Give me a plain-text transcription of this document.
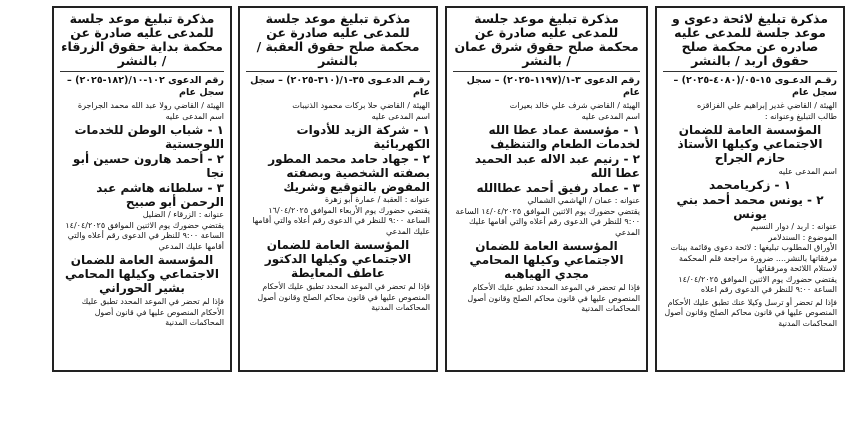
مذكرة تبليغ لائحة دعوى و موعد جلسة للمدعى عليه صادره عن محكمة صلح حقوق اربد / بالنشر

رقـم الدعـوى ١٥-٠٥/(٤٠٨٠-٢٠٢٥) – سجل عام

الهيئة / القاضي غدير إبراهيم علي الفزاقزه

طالب التبليغ وعنوانه :

المؤسسة العامة للضمان الاجتماعي وكيلها الأستاذ حازم الجراح

اسم المدعى عليه

١ - زكريامحمد

٢ - يونس محمد أحمد بني يونس

عنوانه : اربد / دوار النسيم

الموضوع : السندلامر

الأوراق المطلوب تبليغها : لائحة دعوى وقائمة بينات مرفقاتها بالنشر.... ضرورة مراجعة قلم المحكمة لاستلام اللائحة ومرفقاتها

يقتضي حضورك يوم الاثنين الموافق ١٤/٠٤/٢٠٢٥ الساعة ٩:٠٠ للنظر في الدعوى رقم اعلاه

فإذا لم تحضر أو ترسل وكيلا عنك تطبق عليك الأحكام المنصوص عليها في قانون محاكم الصلح وقانون أصول المحاكمات المدنية

مذكرة تبليغ موعد جلسة للمدعى عليه صادرة عن محكمة صلح حقوق شرق عمان / بالنشر

رقم الدعوى ٣-١/(١١٩٧-٢٠٢٥) – سجل عام

الهيئة / القاضي شرف علي خالد بعيرات

اسم المدعى عليه

١ - مؤسسة عماد عطا الله لخدمات الطعام والتنظيف

٢ - رنيم عبد الاله عبد الحميد عطا الله

٣ - عماد رفيق أحمد عطاالله

عنوانه : عمان / الهاشمي الشمالي

يقتضي حضورك يوم الاثنين الموافق ١٤/٠٤/٢٠٢٥ الساعة ٩:٠٠ للنظر في الدعوى رقم أعلاه والتي أقامها عليك المدعي

المؤسسة العامة للضمان الاجتماعي وكيلها المحامي مجدي الهياهبه

فإذا لم تحضر في الموعد المحدد تطبق عليك الأحكام المنصوص عليها في قانون محاكم الصلح وقانون أصول المحاكمات المدنية

مذكرة تبليغ موعد جلسة للمدعى عليه صادرة عن محكمة صلح حقوق العقبة / بالنشر

رقـم الدعـوى ٣٥-١/(٣١٠-٢٠٢٥) – سجل عام

الهيئة / القاضي حلا بركات محمود الذنيبات

اسم المدعى عليه

١ - شركة الزيد للأدوات الكهربائية

٢ - جهاد حامد محمد المطور بصفته الشخصية وبصفته المفوض بالتوقيع وشريك

عنوانه : العقبة / عمارة أبو زهرة

يقتضي حضورك يوم الأربعاء الموافق ١٦/٠٤/٢٠٢٥ الساعة ٩:٠٠ للنظر في الدعوى رقم أعلاه والتي أقامها عليك المدعي

المؤسسة العامة للضمان الاجتماعي وكيلها الدكتور عاطف المعايطة

فإذا لم تحضر في الموعد المحدد تطبق عليك الأحكام المنصوص عليها في قانون محاكم الصلح وقانون أصول المحاكمات المدنية

مذكرة تبليغ موعد جلسة للمدعى عليه صادرة عن محكمة بداية حقوق الزرقاء / بالنشر

رقم الدعوى ١٠٢-١٠/(١٨٢-٢٠٢٥) – سجل عام

الهيئة / القاضي رولا عبد الله محمد الجراجرة

اسم المدعى عليه

١ - شباب الوطن للخدمات اللوجستية

٢ - أحمد هارون حسين أبو نجا

٣ - سلطانه هاشم عبد الرحمن أبو صبيح

عنوانه : الزرقاء / الضليل

يقتضي حضورك يوم الاثنين الموافق ١٤/٠٤/٢٠٢٥ الساعة ٩:٠٠ للنظر في الدعوى رقم أعلاه والتي أقامها عليك المدعي

المؤسسة العامة للضمان الاجتماعي وكيلها المحامي بشير الحوراني

فإذا لم تحضر في الموعد المحدد تطبق عليك الأحكام المنصوص عليها في قانون أصول المحاكمات المدنية
